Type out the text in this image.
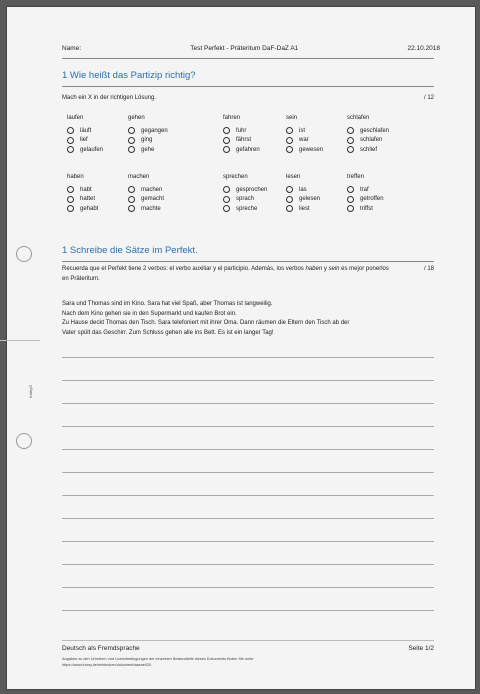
KathyG
Name:	Test Perfekt - Präteritum DaF-DaZ A1	22.10.2018
1 Wie heißt das Partizip richtig?
Mach ein X in der richtigen Lösung.	/ 12
laufen
läuft
lief
gelaufen
gehen
gegangen
ging
gehe
fahren
fuhr
fährst
gefahren
sein
ist
war
gewesen
schlafen
geschlafen
schlafen
schlief
haben
habt
hattet
gehabt
machen
machen
gemacht
machte
sprechen
gesprochen
sprach
spreche
lesen
las
gelesen
liest
treffen
traf
getroffen
triffst
1 Schreibe die Sätze im Perfekt.
Recuerda que el Perfekt tiene 2 verbos: el verbo auxiliar y el participio. Además, los verbos haben y sein es mejor ponerlos en Präteritum.
/ 18
Sara und Thomas sind im Kino. Sara hat viel Spaß, aber Thomas ist langweilig.
Nach dem Kino gehen sie in den Supermarkt und kaufen Brot ein.
Zu Hause deckt Thomas den Tisch. Sara telefoniert mit ihrer Oma. Dann räumen die Eltern den Tisch ab der
Vater spült das Geschirr. Zum Schluss gehen alle ins Bett. Es ist ein langer Tag!
Deutsch als Fremdsprache	Seite 1/2
Angaben zu den Urhebern und Lizenzbedingungen der einzelnen Bestandteile dieses Dokuments finden Sie unter
https://www.tutory.de/entdecken/dokument/aaeae020
